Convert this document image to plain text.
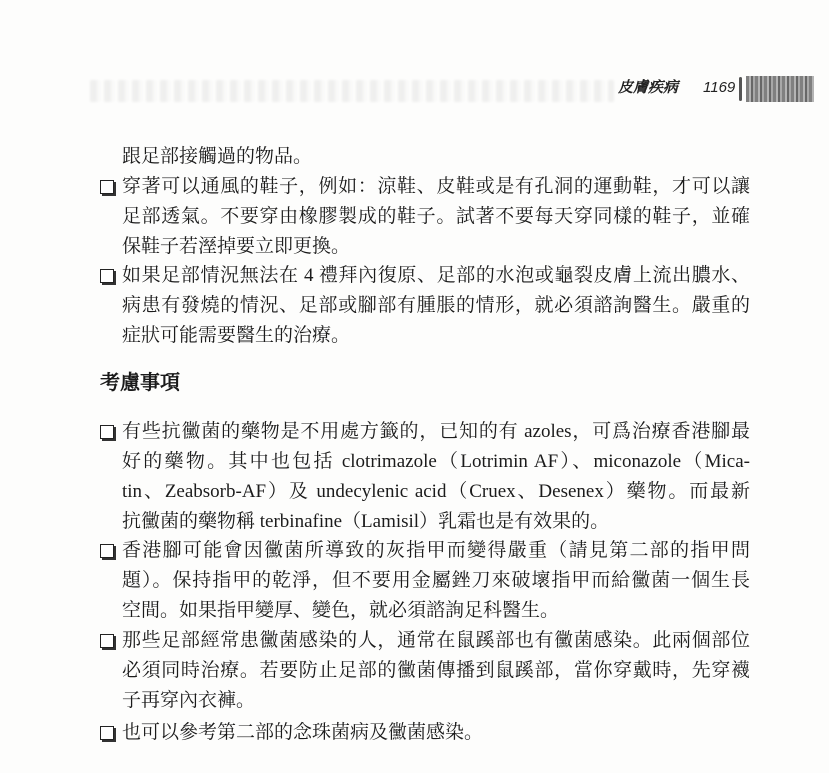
皮膚疾病 1169
跟足部接觸過的物品。
穿著可以通風的鞋子，例如：涼鞋、皮鞋或是有孔洞的運動鞋，才可以讓
足部透氣。不要穿由橡膠製成的鞋子。試著不要每天穿同樣的鞋子，並確
保鞋子若溼掉要立即更換。
如果足部情況無法在 4 禮拜內復原、足部的水泡或龜裂皮膚上流出膿水、
病患有發燒的情況、足部或腳部有腫脹的情形，就必須諮詢醫生。嚴重的
症狀可能需要醫生的治療。
考慮事項
有些抗黴菌的藥物是不用處方籤的，已知的有 azoles，可爲治療香港腳最
好的藥物。其中也包括 clotrimazole（Lotrimin AF）、miconazole（Mica-
tin、Zeabsorb-AF）及 undecylenic acid（Cruex、Desenex）藥物。而最新
抗黴菌的藥物稱 terbinafine（Lamisil）乳霜也是有效果的。
香港腳可能會因黴菌所導致的灰指甲而變得嚴重（請見第二部的指甲問
題）。保持指甲的乾淨，但不要用金屬銼刀來破壞指甲而給黴菌一個生長
空間。如果指甲變厚、變色，就必須諮詢足科醫生。
那些足部經常患黴菌感染的人，通常在鼠蹊部也有黴菌感染。此兩個部位
必須同時治療。若要防止足部的黴菌傳播到鼠蹊部，當你穿戴時，先穿襪
子再穿內衣褲。
也可以參考第二部的念珠菌病及黴菌感染。
